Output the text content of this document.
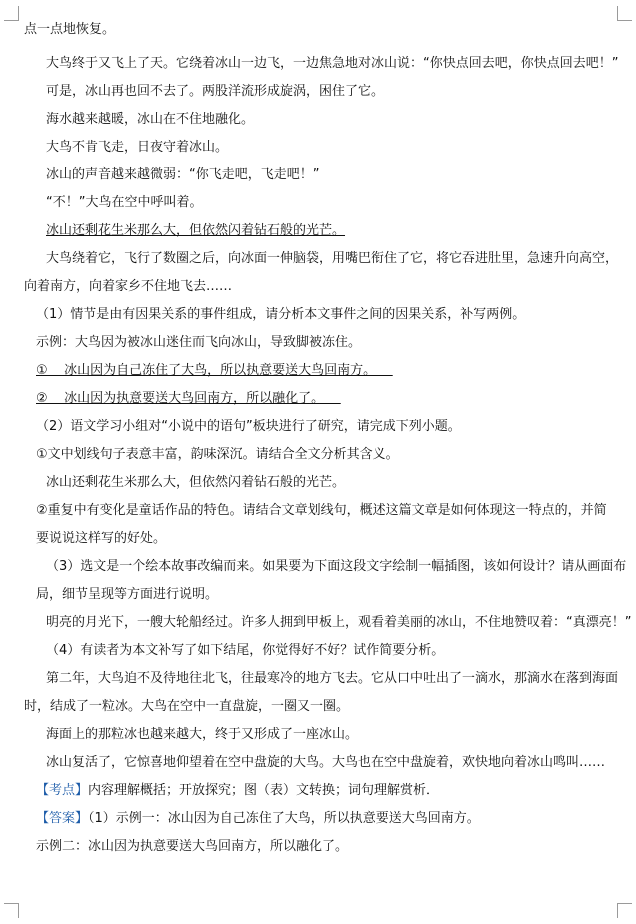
点一点地恢复。
大鸟终于又飞上了天。它绕着冰山一边飞，一边焦急地对冰山说：“你快点回去吧，你快点回去吧！”
可是，冰山再也回不去了。两股洋流形成旋涡，困住了它。
海水越来越暖，冰山在不住地融化。
大鸟不肯飞走，日夜守着冰山。
冰山的声音越来越微弱：“你飞走吧，飞走吧！”
“不！”大鸟在空中呼叫着。
冰山还剩花生米那么大，但依然闪着钻石般的光芒。
大鸟绕着它，飞行了数圈之后，向冰面一伸脑袋，用嘴巴衔住了它，将它吞进肚里，急速升向高空，
向着南方，向着家乡不住地飞去……
（1）情节是由有因果关系的事件组成，请分析本文事件之间的因果关系，补写两例。
示例：大鸟因为被冰山迷住而飞向冰山，导致脚被冻住。
①    冰山因为自己冻住了大鸟，所以执意要送大鸟回南方。
②    冰山因为执意要送大鸟回南方，所以融化了。
（2）语文学习小组对“小说中的语句”板块进行了研究，请完成下列小题。
①文中划线句子表意丰富，韵味深沉。请结合全文分析其含义。
冰山还剩花生米那么大，但依然闪着钻石般的光芒。
②重复中有变化是童话作品的特色。请结合文章划线句，概述这篇文章是如何体现这一特点的，并简
要说说这样写的好处。
（3）选文是一个绘本故事改编而来。如果要为下面这段文字绘制一幅插图，该如何设计？请从画面布
局，细节呈现等方面进行说明。
明亮的月光下，一艘大轮船经过。许多人拥到甲板上，观看着美丽的冰山，不住地赞叹着：“真漂亮！”
（4）有读者为本文补写了如下结尾，你觉得好不好？试作简要分析。
第二年，大鸟迫不及待地往北飞，往最寒冷的地方飞去。它从口中吐出了一滴水，那滴水在落到海面
时，结成了一粒冰。大鸟在空中一直盘旋，一圈又一圈。
海面上的那粒冰也越来越大，终于又形成了一座冰山。
冰山复活了，它惊喜地仰望着在空中盘旋的大鸟。大鸟也在空中盘旋着，欢快地向着冰山鸣叫……
【考点】内容理解概括；开放探究；图（表）文转换；词句理解赏析．
【答案】（1）示例一：冰山因为自己冻住了大鸟，所以执意要送大鸟回南方。
示例二：冰山因为执意要送大鸟回南方，所以融化了。
